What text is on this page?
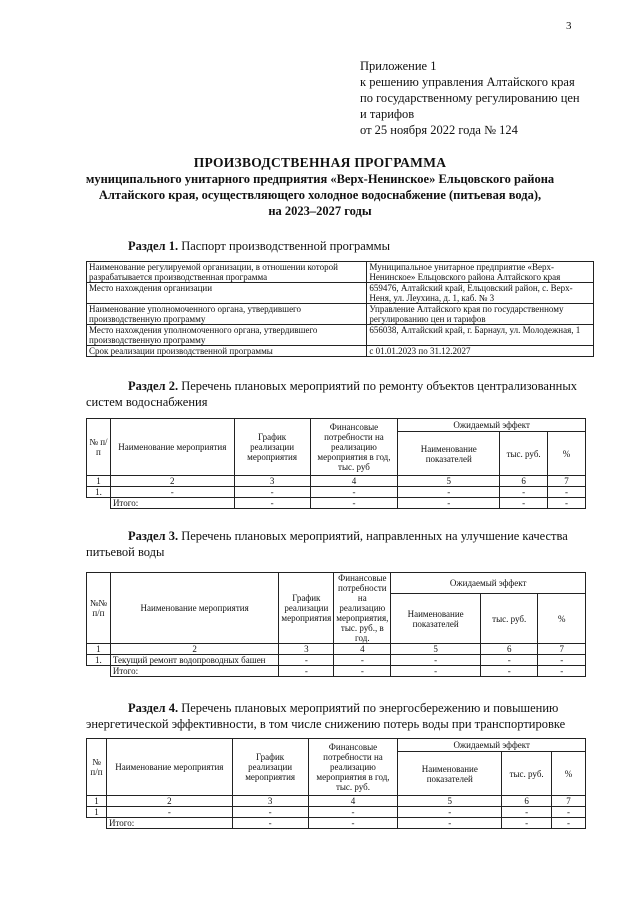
3
Приложение 1
к решению управления Алтайского края
по государственному регулированию цен
и тарифов
от 25 ноября 2022 года № 124
ПРОИЗВОДСТВЕННАЯ ПРОГРАММА
муниципального унитарного предприятия «Верх-Ненинское» Ельцовского района
Алтайского края, осуществляющего холодное водоснабжение (питьевая вода),
на 2023–2027 годы
Раздел 1. Паспорт производственной программы
Наименование регулируемой организации, в отношении которой разрабатывается производственная программа	Муниципальное унитарное предприятие «Верх-Ненинское» Ельцовского района Алтайского края
Место нахождения организации	659476, Алтайский край, Ельцовский район, с. Верх-Неня, ул. Леухина, д. 1, каб. № 3
Наименование уполномоченного органа, утвердившего производственную программу	Управление Алтайского края по государственному регулированию цен и тарифов
Место нахождения уполномоченного органа, утвердившего производственную программу	656038, Алтайский край, г. Барнаул, ул. Молодежная, 1
Срок реализации производственной программы	с 01.01.2023 по 31.12.2027
Раздел 2. Перечень плановых мероприятий по ремонту объектов централизованных систем водоснабжения
№ п/п	Наименование мероприятия	График реализации мероприятия	Финансовые потребности на реализацию мероприятия в год, тыс. руб	Ожидаемый эффект		
				Наименование показателей	тыс. руб.	%
1	2	3	4	5	6	7
1.	-	-	-	-	-	-
	Итого:	-	-	-	-	-
Раздел 3. Перечень плановых мероприятий, направленных на улучшение качества питьевой воды
№№ п/п	Наименование мероприятия	График реализации мероприятия	Финансовые потребности на реализацию мероприятия, тыс. руб., в год.	Ожидаемый эффект		
				Наименование показателей	тыс. руб.	%
1	2	3	4	5	6	7
1.	Текущий ремонт водопроводных башен	-	-	-	-	-
	Итого:	-	-	-	-	-
Раздел 4. Перечень плановых мероприятий по энергосбережению и повышению энергетической эффективности, в том числе снижению потерь воды при транспортировке
№ п/п	Наименование мероприятия	График реализации мероприятия	Финансовые потребности на реализацию мероприятия в год, тыс. руб.	Ожидаемый эффект		
				Наименование показателей	тыс. руб.	%
1	2	3	4	5	6	7
1	-	-	-	-	-	-
	Итого:	-	-	-	-	-
